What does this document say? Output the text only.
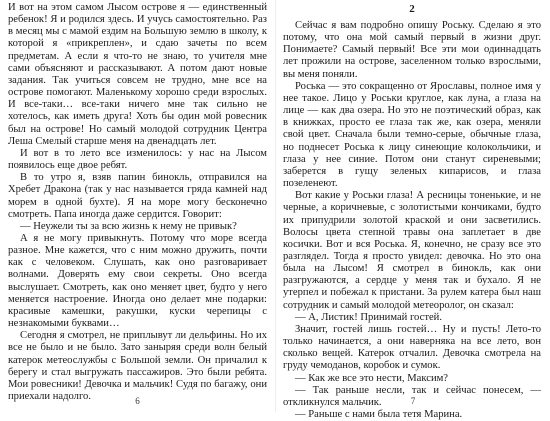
И вот на этом самом Лысом острове я — единственный ребенок! Я и родился здесь. И учусь самостоятельно. Раз в месяц мы с мамой ездим на Большую землю в школу, к которой я «прикреплен», и сдаю зачеты по всем предметам. А если я что-то не знаю, то учителя мне сами объясняют и рассказывают. А потом дают новые задания. Так учиться совсем не трудно, мне все на острове помогают. Маленькому хорошо среди взрослых. И все-таки… все-таки ничего мне так сильно не хотелось, как иметь друга! Хоть бы один мой ровесник был на острове! Но самый молодой сотрудник Центра Леша Смелый старше меня на двенадцать лет.

И вот в то лето все изменилось: у нас на Лысом появилось еще двое ребят.

В то утро я, взяв папин бинокль, отправился на Хребет Дракона (так у нас называется гряда камней над морем в одной бухте). Я на море могу бесконечно смотреть. Папа иногда даже сердится. Говорит:

— Неужели ты за всю жизнь к нему не привык?

А я не могу привыкнуть. Потому что море всегда разное. Мне кажется, что с ним можно дружить, почти как с человеком. Слушать, как оно разговаривает волнами. Доверять ему свои секреты. Оно всегда выслушает. Смотреть, как оно меняет цвет, будто у него меняется настроение. Иногда оно делает мне подарки: красивые камешки, ракушки, куски черепицы с незнакомыми буквами…

Сегодня я смотрел, не приплывут ли дельфины. Но их все не было и не было. Зато заныряя среди волн белый катерок метеослужбы с Большой земли. Он причалил к берегу и стал выгружать пассажиров. Это были ребята. Мои ровесники! Девочка и мальчик! Судя по багажу, они приехали надолго.	6
2

Сейчас я вам подробно опишу Роську. Сделаю я это потому, что она мой самый первый в жизни друг. Понимаете? Самый первый! Все эти мои одиннадцать лет прожили на острове, заселенном только взрослыми, вы меня поняли.

Роська — это сокращенно от Ярославы, полное имя у нее такое. Лицо у Роськи круглое, как луна, а глаза на лице — как два озера. Но это не поэтический образ, как в книжках, просто ее глаза так же, как озера, меняли свой цвет. Сначала были темно-серые, обычные глаза, но поднесет Роська к лицу синеющие колокольчики, и глаза у нее синие. Потом они станут сиреневыми; заберется в гущу зеленых кипарисов, и глаза позеленеют.

Вот какие у Роськи глаза! А ресницы тоненькие, и не черные, а коричневые, с золотистыми кончиками, будто их припудрили золотой краской и они засветились. Волосы цвета степной травы она заплетает в две косички. Вот и вся Роська. Я, конечно, не сразу все это разглядел. Тогда я просто увидел: девочка. Но это она была на Лысом! Я смотрел в бинокль, как они разгружаются, а сердце у меня так и бухало. Я не утерпел и побежал к пристани. За рулем катера был наш сотрудник и самый молодой метеоролог, он сказал:

— А, Листик! Принимай гостей.

Значит, гостей лишь гостей… Ну и пусть! Лето-то только начинается, а они наверняка на все лето, вон сколько вещей. Катерок отчалил. Девочка смотрела на груду чемоданов, коробок и сумок.

— Как же все это нести, Максим?

— Так раньше несли, так и сейчас понесем, — откликнулся мальчик.

— Раньше с нами была тетя Марина.

7
